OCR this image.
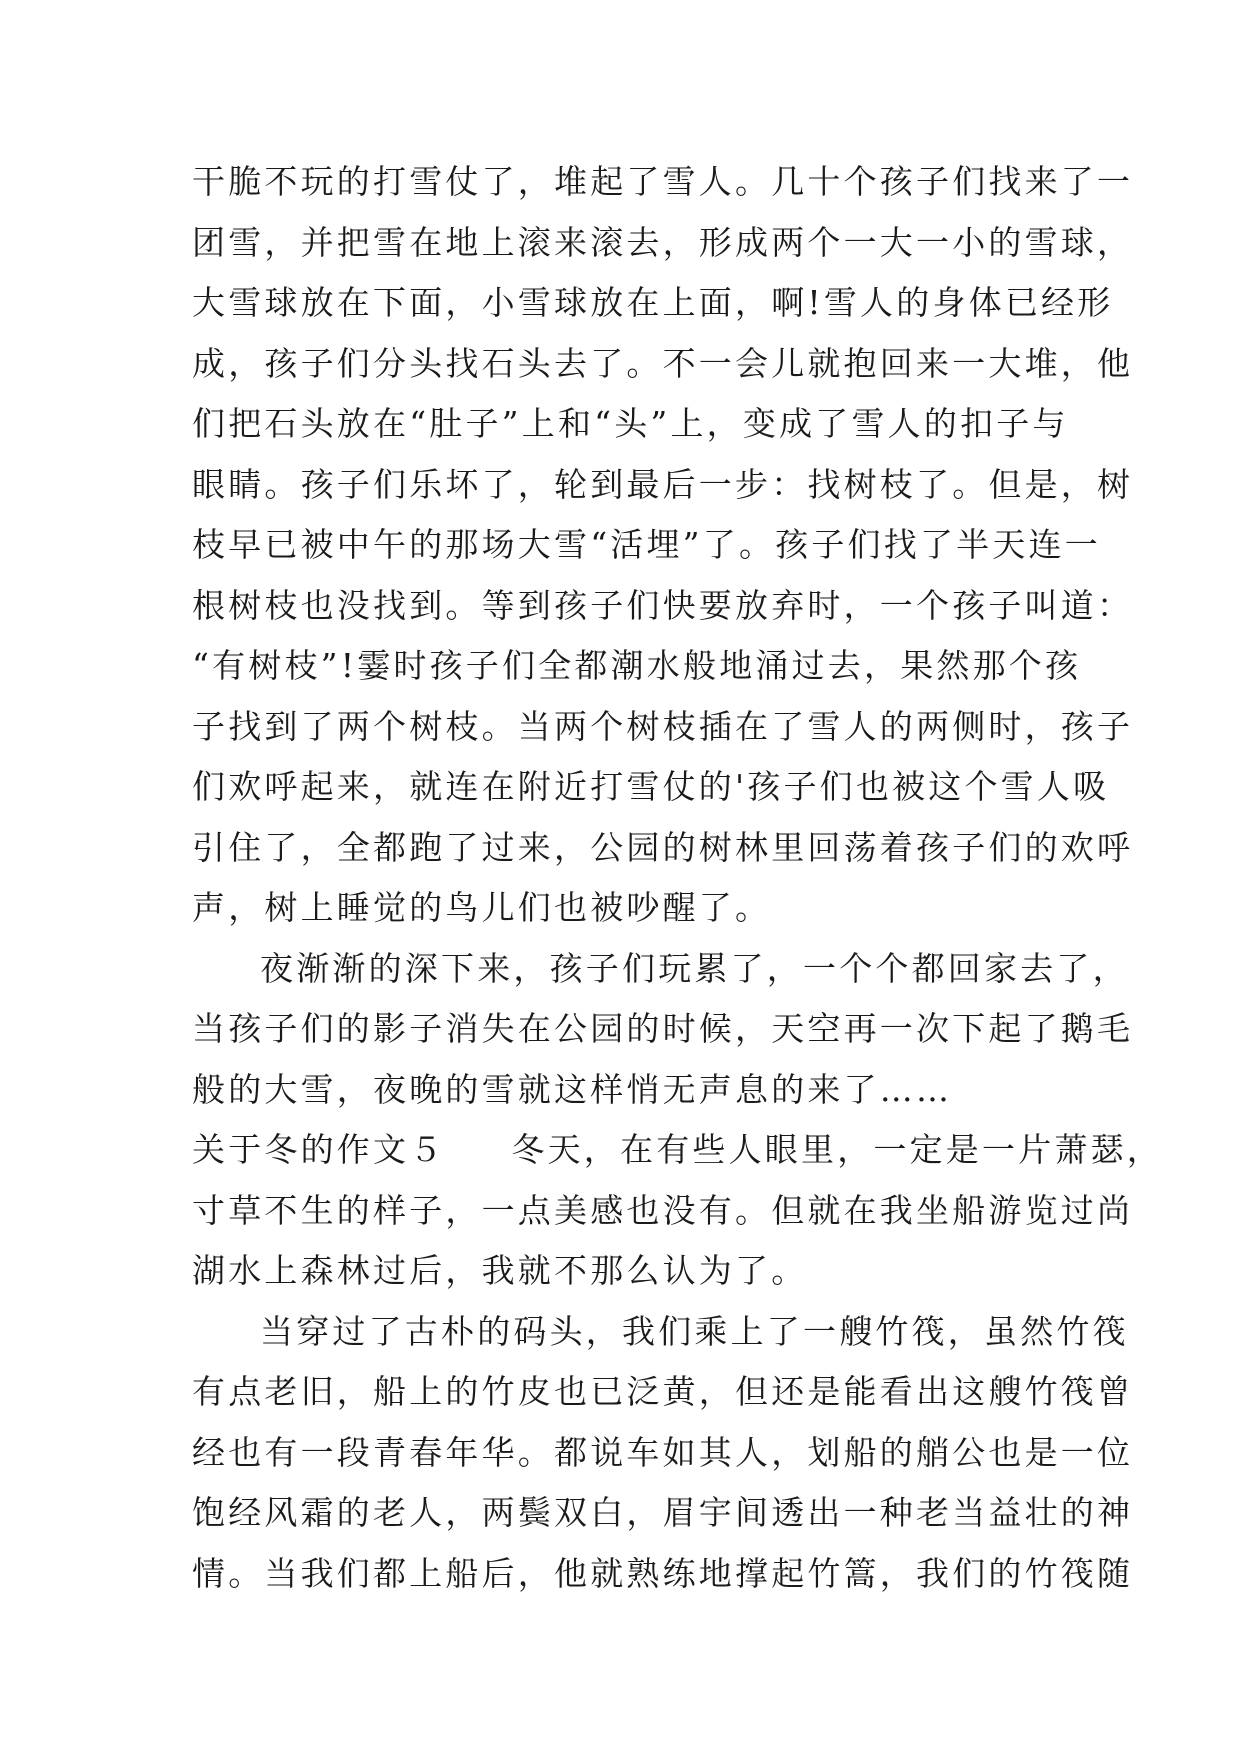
干脆不玩的打雪仗了，堆起了雪人。几十个孩子们找来了一
团雪，并把雪在地上滚来滚去，形成两个一大一小的雪球，
大雪球放在下面，小雪球放在上面，啊!雪人的身体已经形
成，孩子们分头找石头去了。不一会儿就抱回来一大堆，他
们把石头放在“肚子”上和“头”上，变成了雪人的扣子与
眼睛。孩子们乐坏了，轮到最后一步：找树枝了。但是，树
枝早已被中午的那场大雪“活埋”了。孩子们找了半天连一
根树枝也没找到。等到孩子们快要放弃时，一个孩子叫道：
“有树枝”!霎时孩子们全都潮水般地涌过去，果然那个孩
子找到了两个树枝。当两个树枝插在了雪人的两侧时，孩子
们欢呼起来，就连在附近打雪仗的'孩子们也被这个雪人吸
引住了，全都跑了过来，公园的树林里回荡着孩子们的欢呼
声，树上睡觉的鸟儿们也被吵醒了。
夜渐渐的深下来，孩子们玩累了，一个个都回家去了，
当孩子们的影子消失在公园的时候，天空再一次下起了鹅毛
般的大雪，夜晚的雪就这样悄无声息的来了……
关于冬的作文５ 冬天，在有些人眼里，一定是一片萧瑟，
寸草不生的样子，一点美感也没有。但就在我坐船游览过尚
湖水上森林过后，我就不那么认为了。
当穿过了古朴的码头，我们乘上了一艘竹筏，虽然竹筏
有点老旧，船上的竹皮也已泛黄，但还是能看出这艘竹筏曾
经也有一段青春年华。都说车如其人，划船的艄公也是一位
饱经风霜的老人，两鬓双白，眉宇间透出一种老当益壮的神
情。当我们都上船后，他就熟练地撑起竹篙，我们的竹筏随
